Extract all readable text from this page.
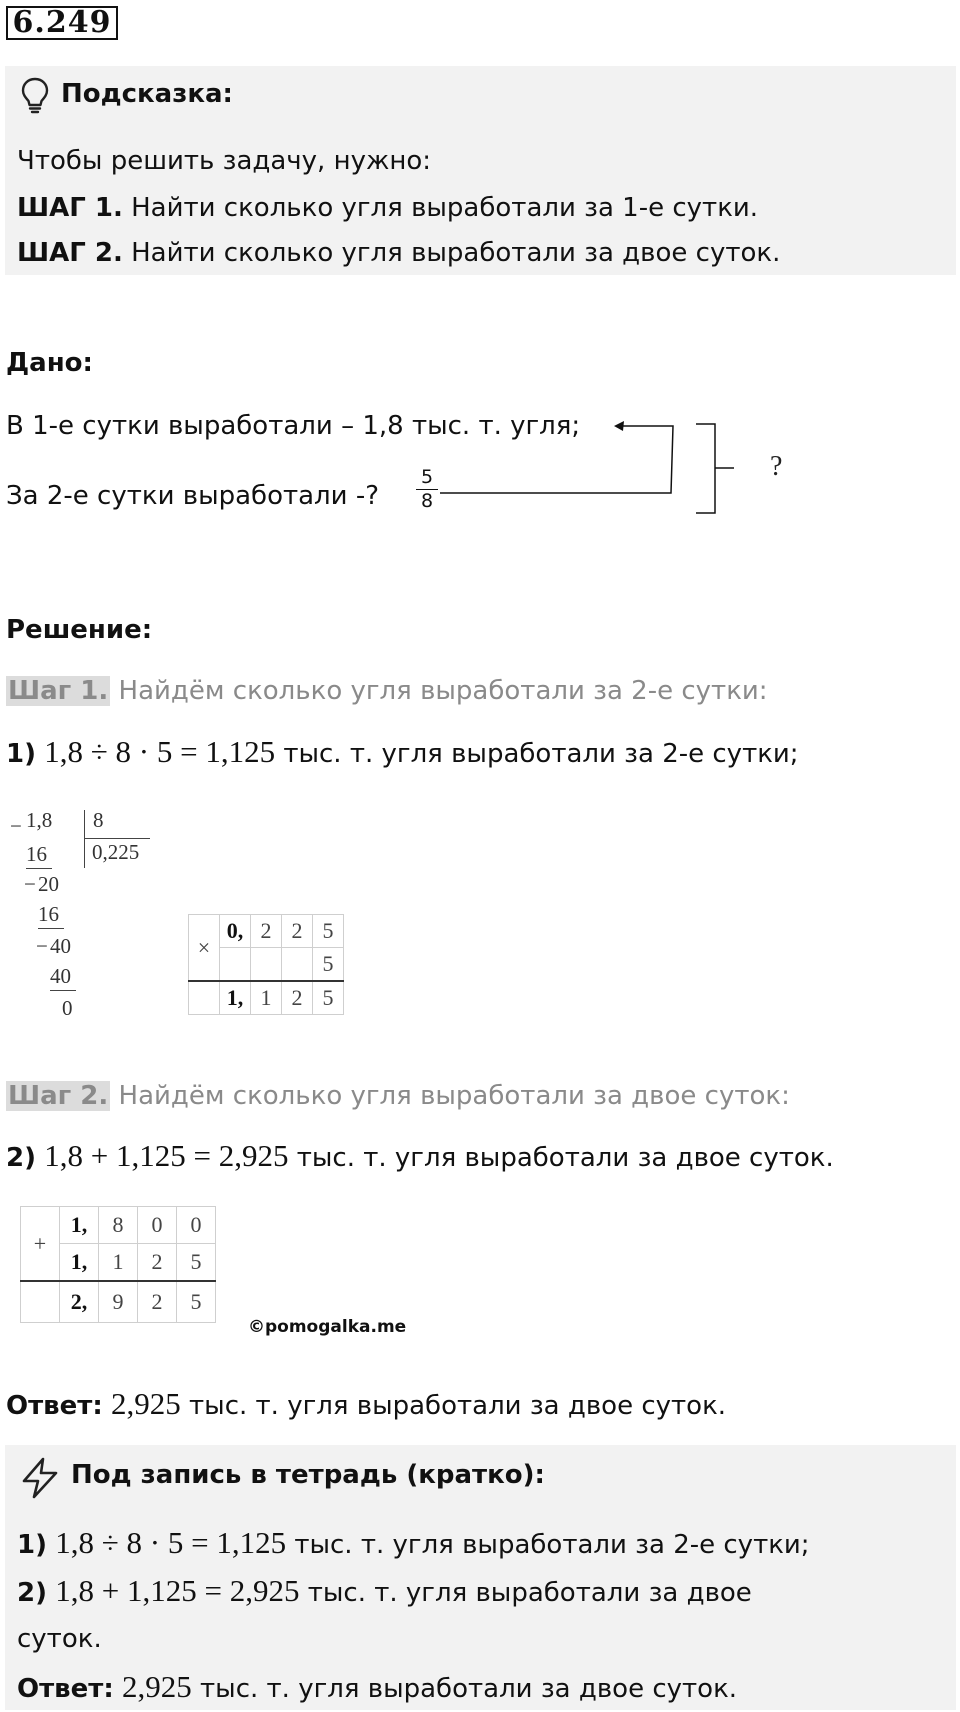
6.249
Подсказка:
Чтобы решить задачу, нужно:
ШАГ 1. Найти сколько угля выработали за 1-е сутки.
ШАГ 2. Найти сколько угля выработали за двое суток.
Дано:
В 1-е сутки выработали – 1,8 тыс. т. угля;
За 2-е сутки выработали -? $\frac{5}{8}$	?
Решение:
Шаг 1. Найдём сколько угля выработали за 2-е сутки:
1) 1,8 ÷ 8 · 5 = 1,125 тыс. т. угля выработали за 2-е сутки;
− 1,8 8
0,225
16
− 20
16
− 40
40
0
×	0,	2	2	5
				5
	1,	1	2	5
Шаг 2. Найдём сколько угля выработали за двое суток:
2) 1,8 + 1,125 = 2,925 тыс. т. угля выработали за двое суток.
+	1,	8	0	0
	1,	1	2	5
	2,	9	2	5
©pomogalka.me
Ответ: 2,925 тыс. т. угля выработали за двое суток.
Под запись в тетрадь (кратко):
1) 1,8 ÷ 8 · 5 = 1,125 тыс. т. угля выработали за 2-е сутки;
2) 1,8 + 1,125 = 2,925 тыс. т. угля выработали за двое
суток.
Ответ: 2,925 тыс. т. угля выработали за двое суток.
